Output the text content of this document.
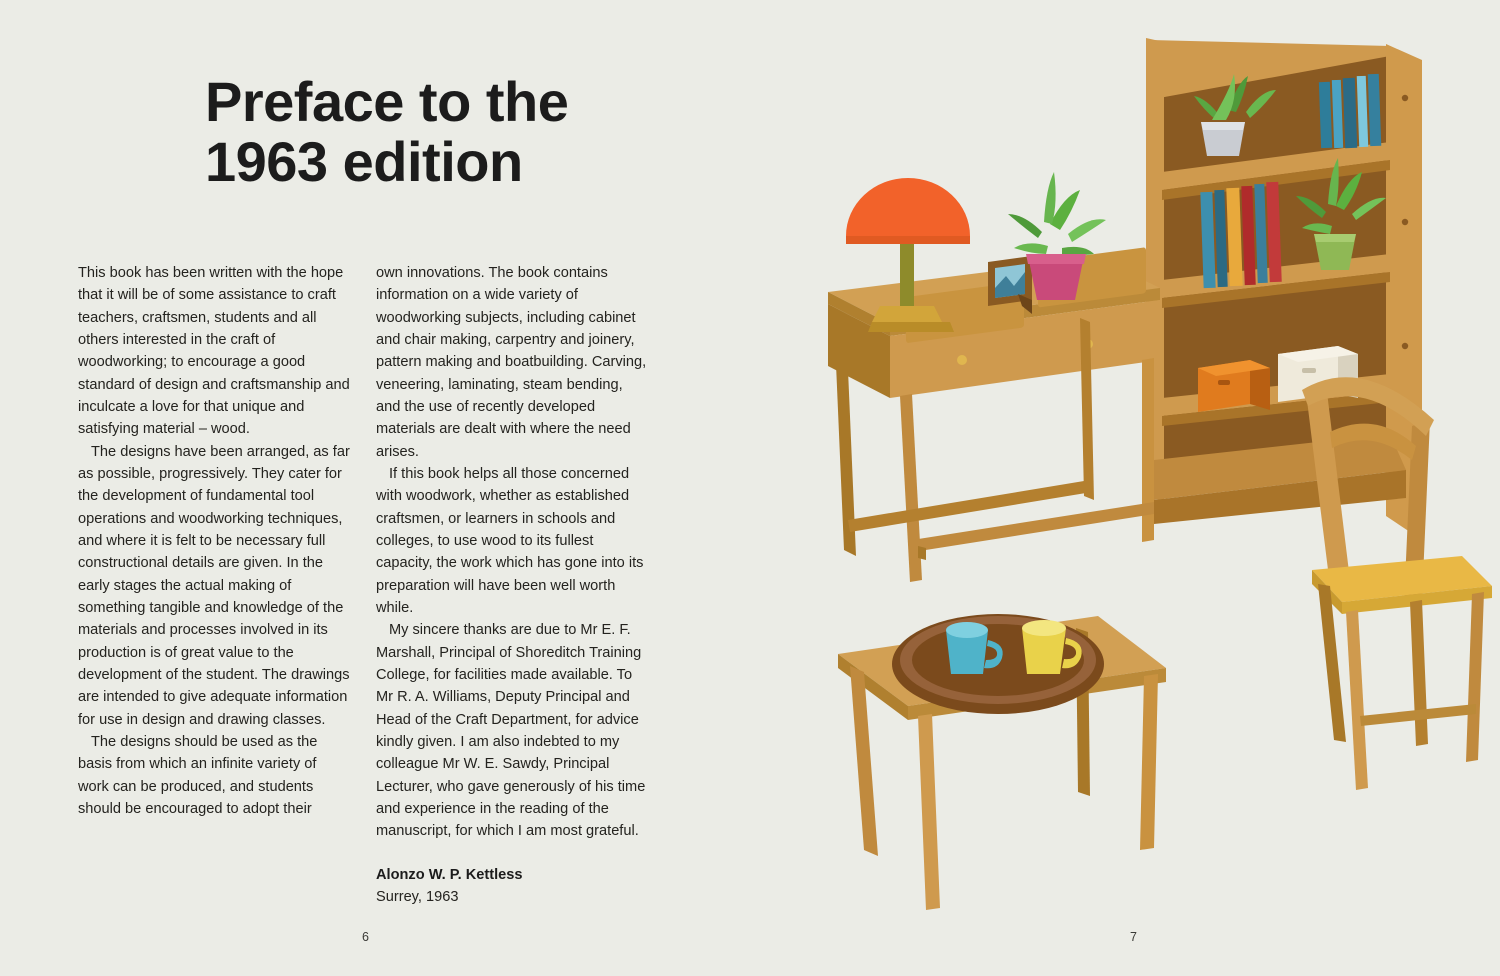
Preface to the
1963 edition

This book has been written with the hope that it will be of some assistance to craft teachers, craftsmen, students and all others interested in the craft of woodworking; to encourage a good standard of design and craftsmanship and inculcate a love for that unique and satisfying material – wood.

The designs have been arranged, as far as possible, progressively. They cater for the development of fundamental tool operations and woodworking techniques, and where it is felt to be necessary full constructional details are given. In the early stages the actual making of something tangible and knowledge of the materials and processes involved in its production is of great value to the development of the student. The drawings are intended to give adequate information for use in design and drawing classes.

The designs should be used as the basis from which an infinite variety of work can be produced, and students should be encouraged to adopt their

own innovations. The book contains information on a wide variety of woodworking subjects, including cabinet and chair making, carpentry and joinery, pattern making and boatbuilding. Carving, veneering, laminating, steam bending, and the use of recently developed materials are dealt with where the need arises.

If this book helps all those concerned with woodwork, whether as established craftsmen, or learners in schools and colleges, to use wood to its fullest capacity, the work which has gone into its preparation will have been well worth while.

My sincere thanks are due to Mr E. F. Marshall, Principal of Shoreditch Training College, for facilities made available. To Mr R. A. Williams, Deputy Principal and Head of the Craft Department, for advice kindly given. I am also indebted to my colleague Mr W. E. Sawdy, Principal Lecturer, who gave generously of his time and experience in the reading of the manuscript, for which I am most grateful.

Alonzo W. P. Kettless
Surrey, 1963
6	7
